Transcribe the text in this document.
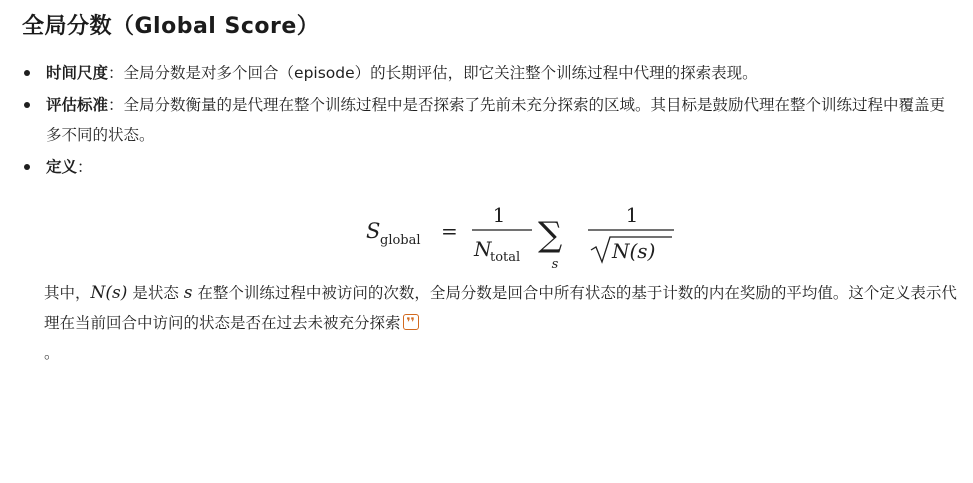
全局分数（Global Score）
时间尺度：全局分数是对多个回合（episode）的长期评估，即它关注整个训练过程中代理的探索表现。
评估标准：全局分数衡量的是代理在整个训练过程中是否探索了先前未充分探索的区域。其目标是鼓励代理在整个训练过程中覆盖更多不同的状态。
定义：
S global =
1
N
total
∑
s
1
N(s)

其中，N(s) 是状态 s 在整个训练过程中被访问的次数，全局分数是回合中所有状态的基于计数的内在奖励的平均值。这个定义表示代理在当前回合中访问的状态是否在过去未被充分探索 ❜❜
。
